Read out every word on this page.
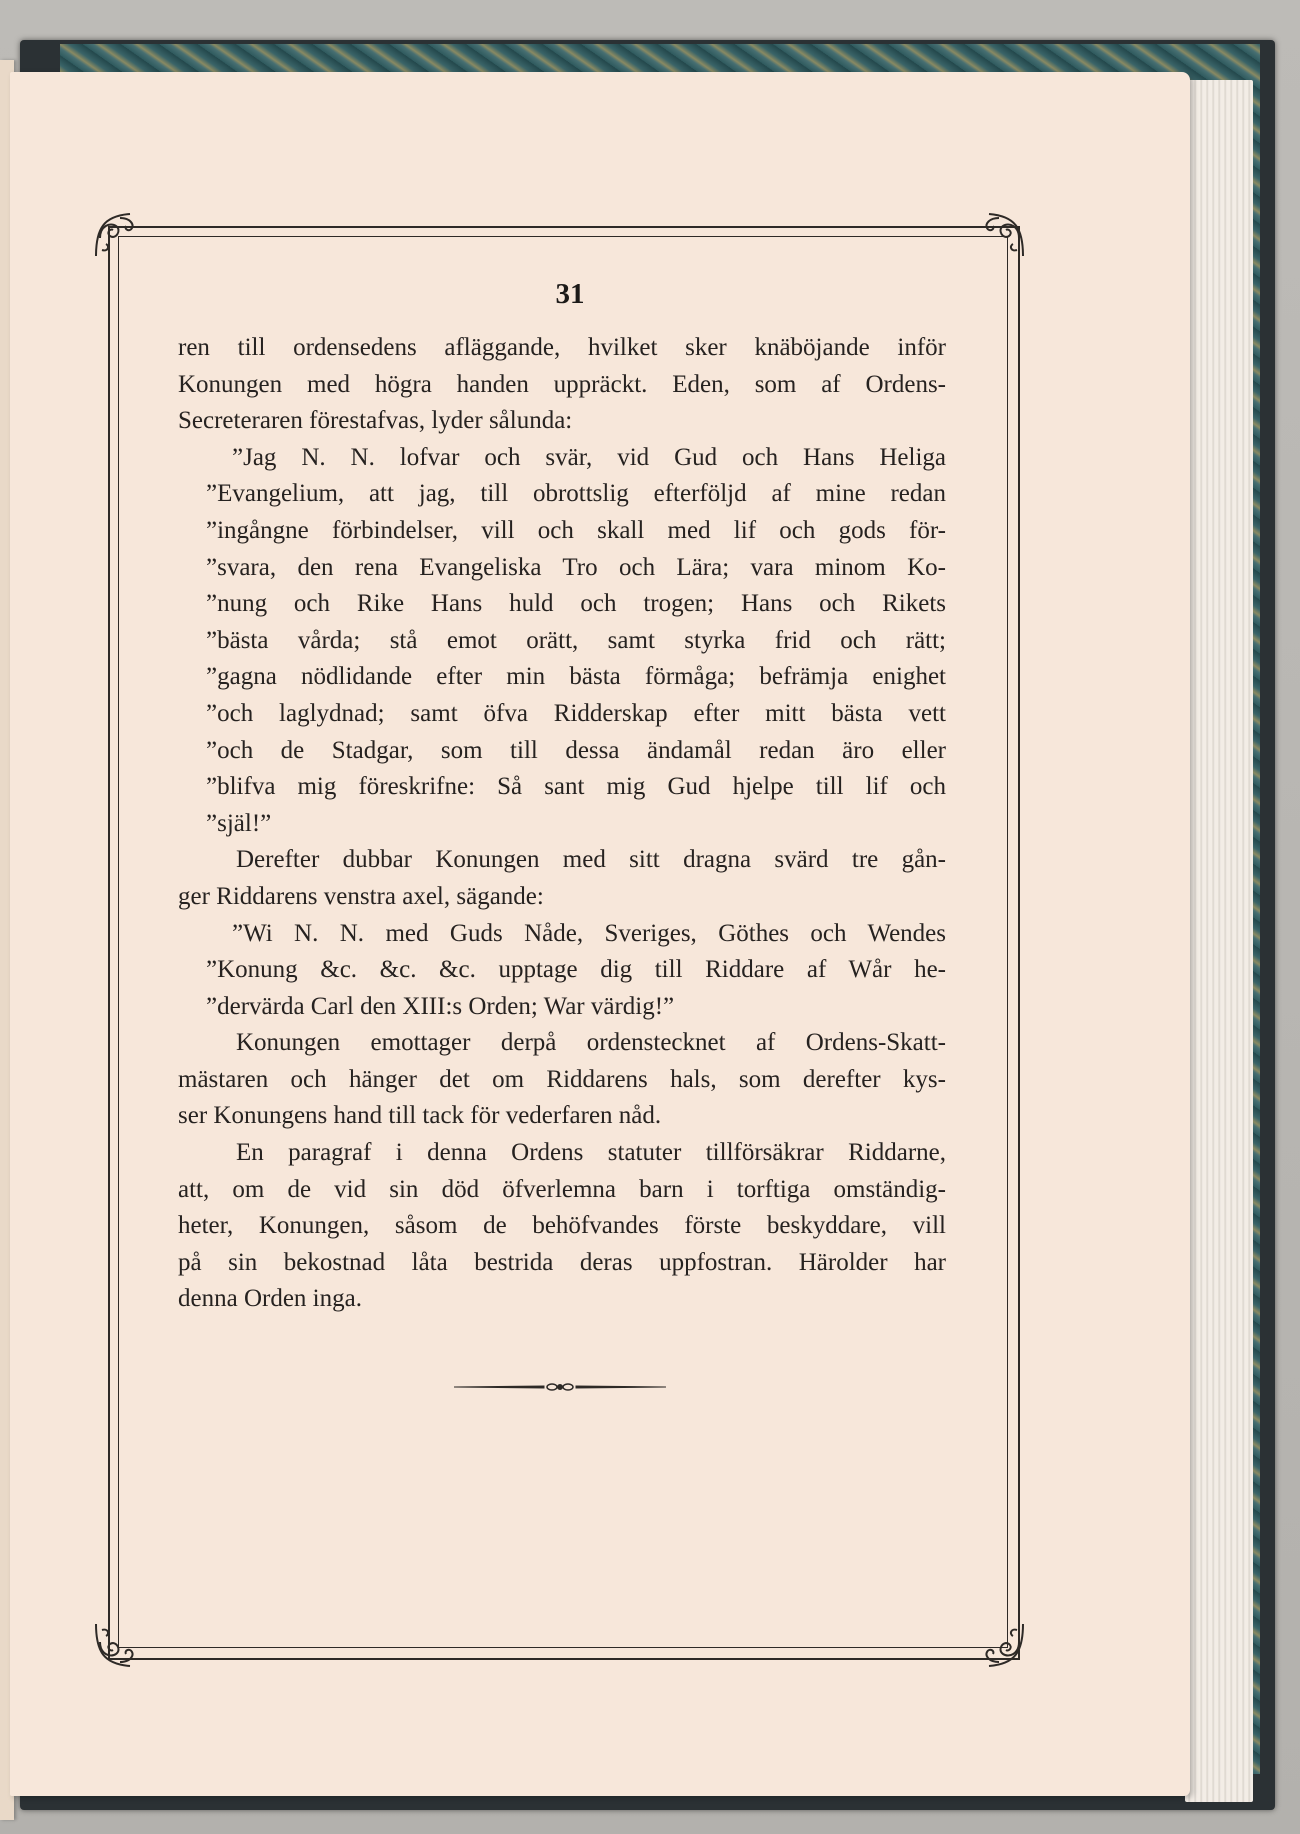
31
ren till ordensedens afläggande, hvilket sker knäböjande inför
Konungen med högra handen uppräckt. Eden, som af Ordens-
Secreteraren förestafvas, lyder sålunda:
”Jag N. N. lofvar och svär, vid Gud och Hans Heliga
”Evangelium, att jag, till obrottslig efterföljd af mine redan
”ingångne förbindelser, vill och skall med lif och gods för-
”svara, den rena Evangeliska Tro och Lära; vara minom Ko-
”nung och Rike Hans huld och trogen; Hans och Rikets
”bästa vårda; stå emot orätt, samt styrka frid och rätt;
”gagna nödlidande efter min bästa förmåga; befrämja enighet
”och laglydnad; samt öfva Ridderskap efter mitt bästa vett
”och de Stadgar, som till dessa ändamål redan äro eller
”blifva mig föreskrifne: Så sant mig Gud hjelpe till lif och
”själ!”
Derefter dubbar Konungen med sitt dragna svärd tre gån-
ger Riddarens venstra axel, sägande:
”Wi N. N. med Guds Nåde, Sveriges, Göthes och Wendes
”Konung &c. &c. &c. upptage dig till Riddare af Wår he-
”dervärda Carl den XIII:s Orden; War värdig!”
Konungen emottager derpå ordenstecknet af Ordens-Skatt-
mästaren och hänger det om Riddarens hals, som derefter kys-
ser Konungens hand till tack för vederfaren nåd.
En paragraf i denna Ordens statuter tillförsäkrar Riddarne,
att, om de vid sin död öfverlemna barn i torftiga omständig-
heter, Konungen, såsom de behöfvandes förste beskyddare, vill
på sin bekostnad låta bestrida deras uppfostran. Härolder har
denna Orden inga.
